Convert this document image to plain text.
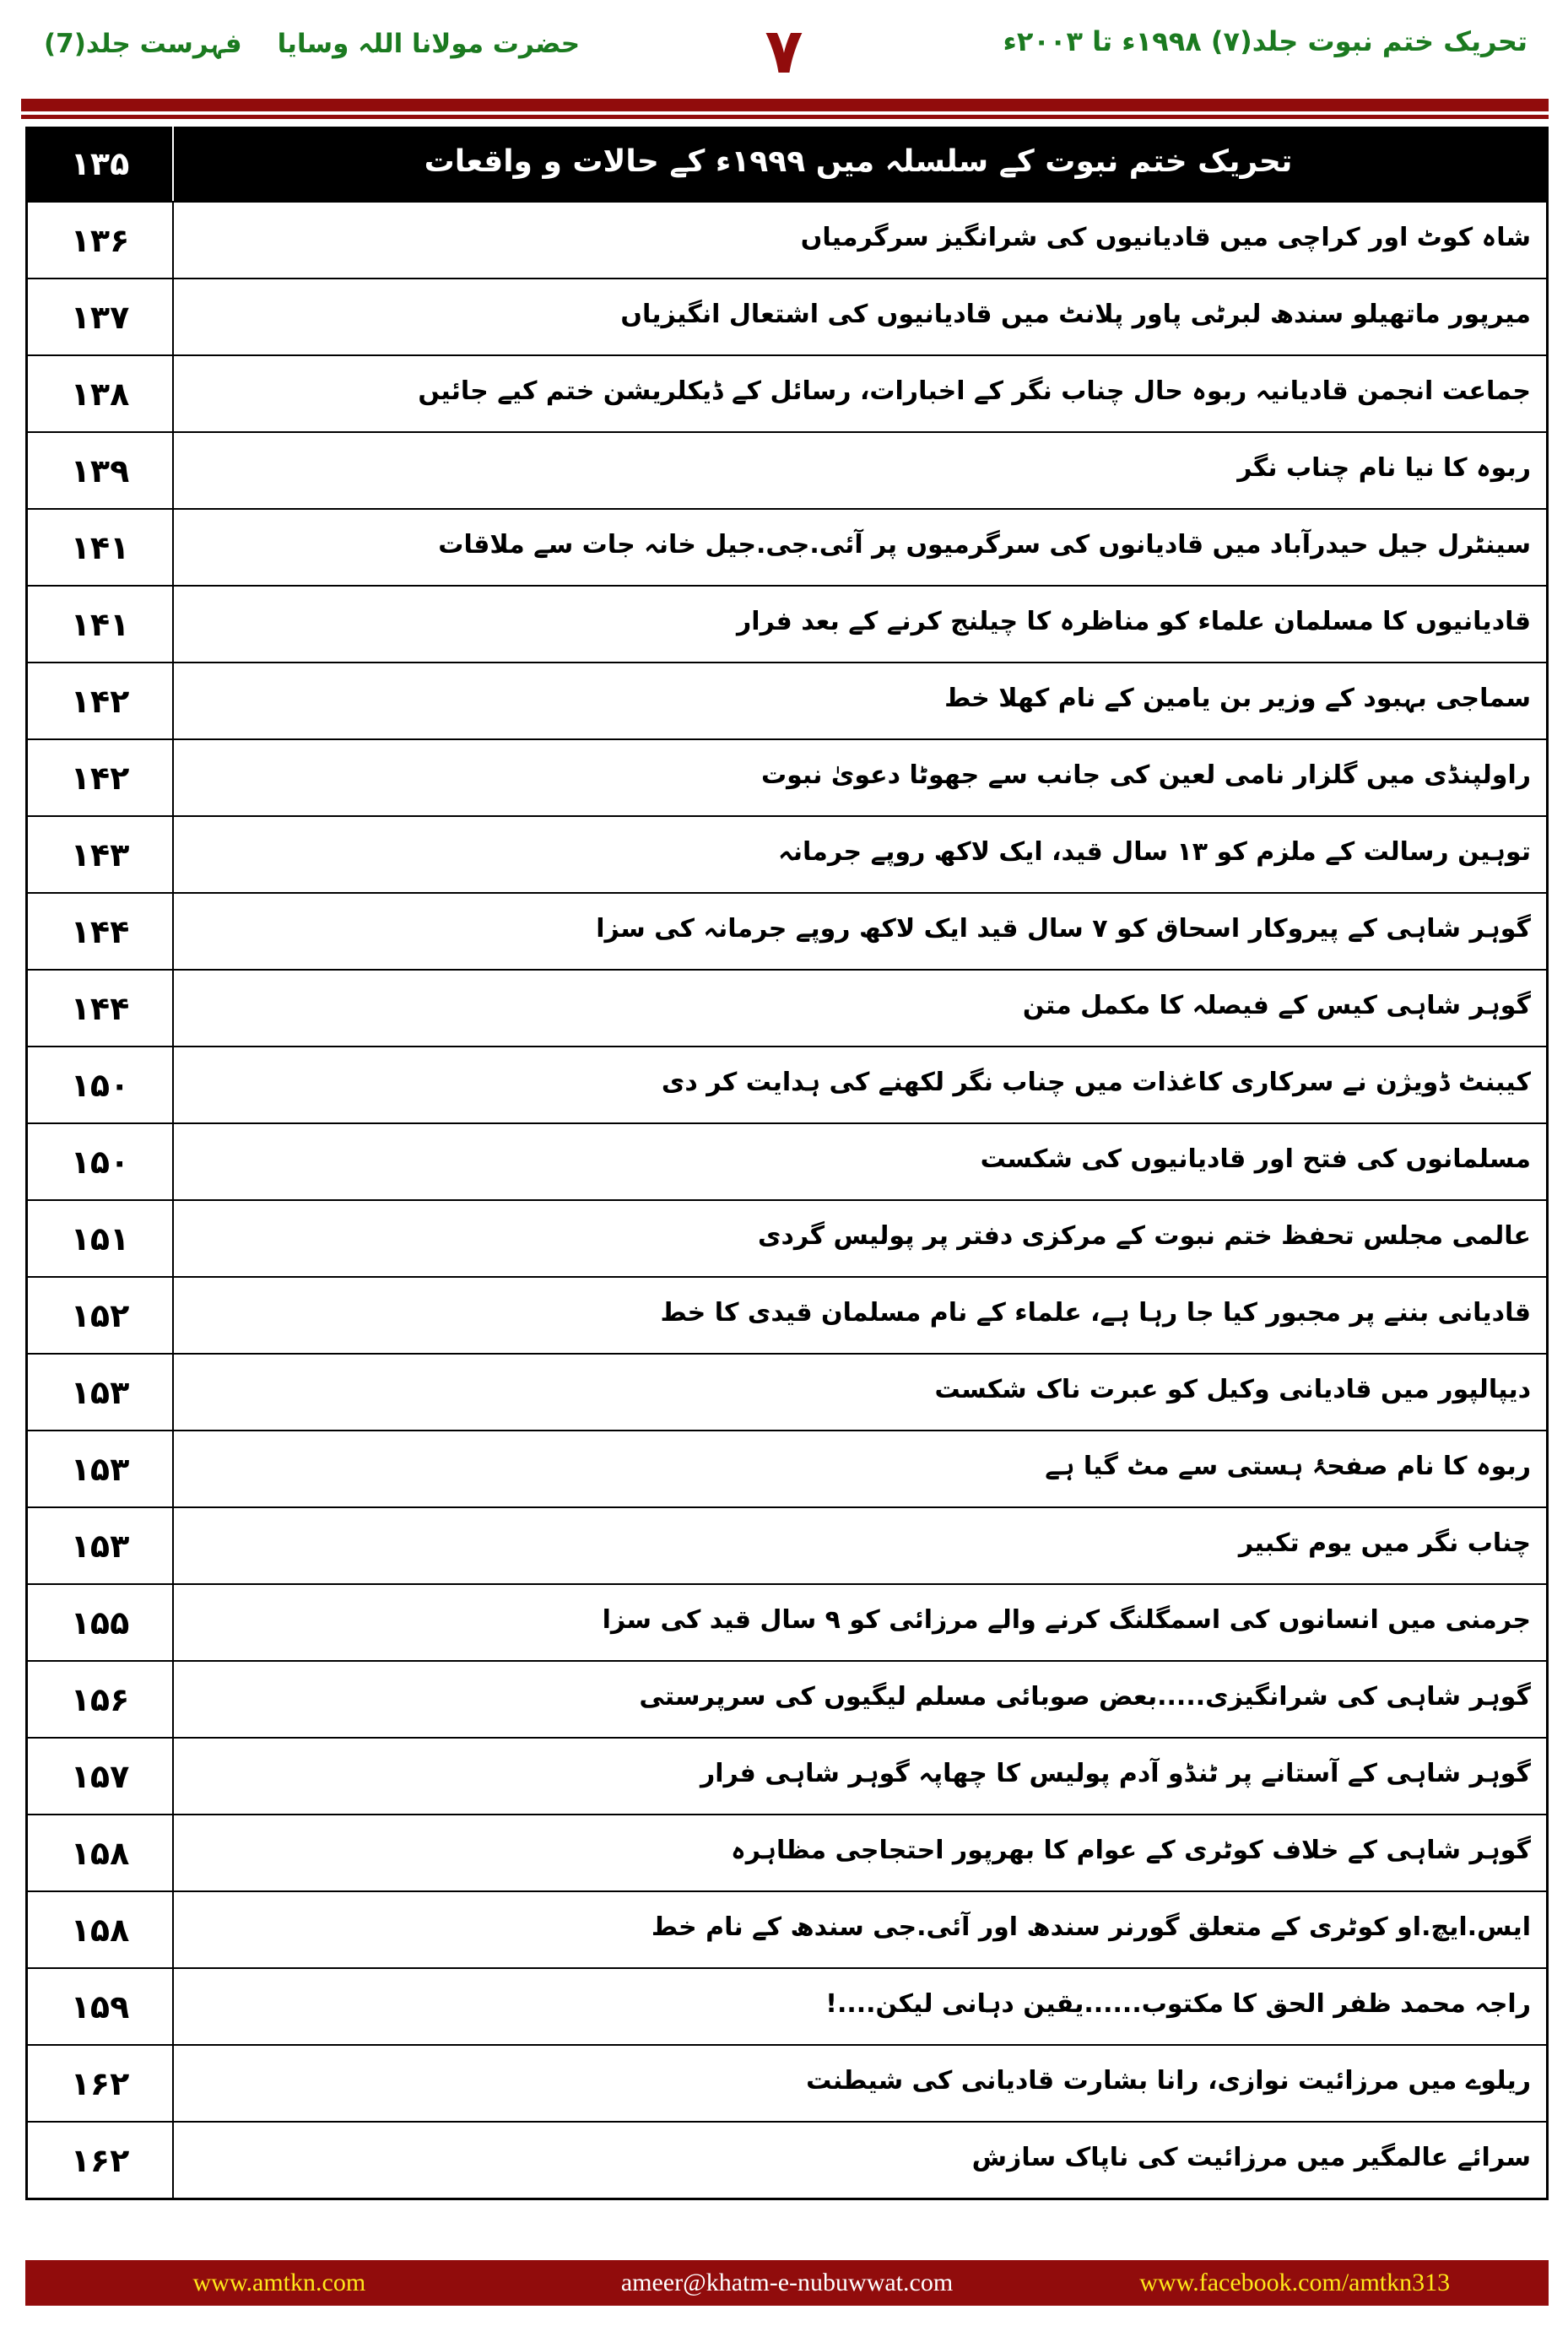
فہرست جلد(7) حضرت مولانا اللہ وسایا	۷	تحریک ختم نبوت جلد(۷) ۱۹۹۸ء تا ۲۰۰۳ء
۱۳۵	تحریک ختم نبوت کے سلسلہ میں ۱۹۹۹ء کے حالات و واقعات
۱۳۶	شاہ کوٹ اور کراچی میں قادیانیوں کی شرانگیز سرگرمیاں
۱۳۷	میرپور ماتھیلو سندھ لبرٹی پاور پلانٹ میں قادیانیوں کی اشتعال انگیزیاں
۱۳۸	جماعت انجمن قادیانیہ ربوہ حال چناب نگر کے اخبارات، رسائل کے ڈیکلریشن ختم کیے جائیں
۱۳۹	ربوہ کا نیا نام چناب نگر
۱۴۱	سینٹرل جیل حیدرآباد میں قادیانوں کی سرگرمیوں پر آئی.جی.جیل خانہ جات سے ملاقات
۱۴۱	قادیانیوں کا مسلمان علماء کو مناظرہ کا چیلنج کرنے کے بعد فرار
۱۴۲	سماجی بہبود کے وزیر بن یامین کے نام کھلا خط
۱۴۲	راولپنڈی میں گلزار نامی لعین کی جانب سے جھوٹا دعویٰ نبوت
۱۴۳	توہین رسالت کے ملزم کو ۱۳ سال قید، ایک لاکھ روپے جرمانہ
۱۴۴	گوہر شاہی کے پیروکار اسحاق کو ۷ سال قید ایک لاکھ روپے جرمانہ کی سزا
۱۴۴	گوہر شاہی کیس کے فیصلہ کا مکمل متن
۱۵۰	کیبنٹ ڈویژن نے سرکاری کاغذات میں چناب نگر لکھنے کی ہدایت کر دی
۱۵۰	مسلمانوں کی فتح اور قادیانیوں کی شکست
۱۵۱	عالمی مجلس تحفظ ختم نبوت کے مرکزی دفتر پر پولیس گردی
۱۵۲	قادیانی بننے پر مجبور کیا جا رہا ہے، علماء کے نام مسلمان قیدی کا خط
۱۵۳	دیپالپور میں قادیانی وکیل کو عبرت ناک شکست
۱۵۳	ربوہ کا نام صفحۂ ہستی سے مٹ گیا ہے
۱۵۳	چناب نگر میں یوم تکبیر
۱۵۵	جرمنی میں انسانوں کی اسمگلنگ کرنے والے مرزائی کو ۹ سال قید کی سزا
۱۵۶	گوہر شاہی کی شرانگیزی.....بعض صوبائی مسلم لیگیوں کی سرپرستی
۱۵۷	گوہر شاہی کے آستانے پر ٹنڈو آدم پولیس کا چھاپہ گوہر شاہی فرار
۱۵۸	گوہر شاہی کے خلاف کوٹری کے عوام کا بھرپور احتجاجی مظاہرہ
۱۵۸	ایس.ایچ.او کوٹری کے متعلق گورنر سندھ اور آئی.جی سندھ کے نام خط
۱۵۹	راجہ محمد ظفر الحق کا مکتوب......یقین دہانی لیکن....!
۱۶۲	ریلوے میں مرزائیت نوازی، رانا بشارت قادیانی کی شیطنت
۱۶۲	سرائے عالمگیر میں مرزائیت کی ناپاک سازش
www.amtkn.com	ameer@khatm-e-nubuwwat.com	www.facebook.com/amtkn313
